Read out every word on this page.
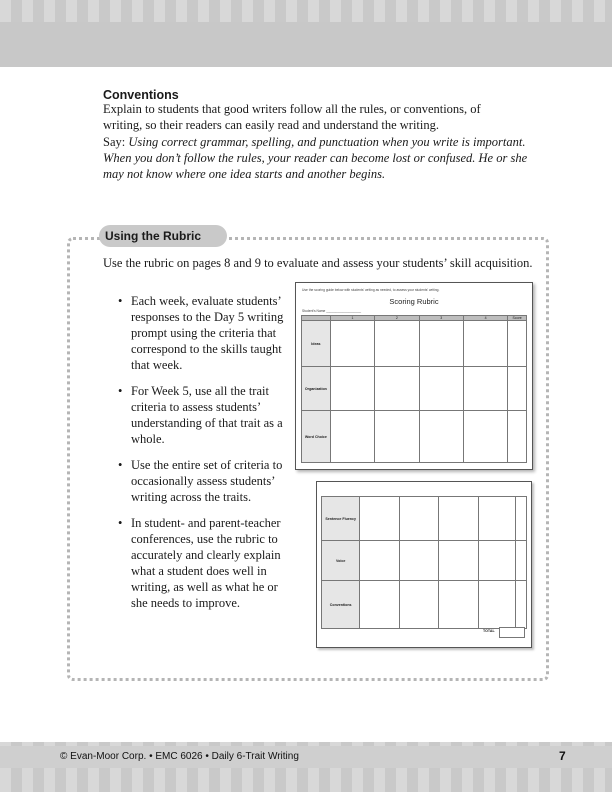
Conventions
Explain to students that good writers follow all the rules, or conventions, of writing, so their readers can easily read and understand the writing.
Say: Using correct grammar, spelling, and punctuation when you write is important. When you don’t follow the rules, your reader can become lost or confused. He or she may not know where one idea starts and another begins.
Using the Rubric
Use the rubric on pages 8 and 9 to evaluate and assess your students’ skill acquisition.
• Each week, evaluate students’ responses to the Day 5 writing prompt using the criteria that correspond to the skills taught that week.
• For Week 5, use all the trait criteria to assess students’ understanding of that trait as a whole.
• Use the entire set of criteria to occasionally assess students’ writing across the traits.
• In student- and parent-teacher conferences, use the rubric to accurately and clearly explain what a student does well in writing, as well as what he or she needs to improve.
Sentence Fluency	

Voice	

Conventions	

TOTAL
Use the scoring guide below with students' writing as needed, to assess your students' writing.
Scoring Rubric
Student's Name ___________________
	1	2	3	4	Score
Ideas	

Organization	

Word Choice	

© Evan-Moor Corp. • EMC 6026 • Daily 6-Trait Writing	7
